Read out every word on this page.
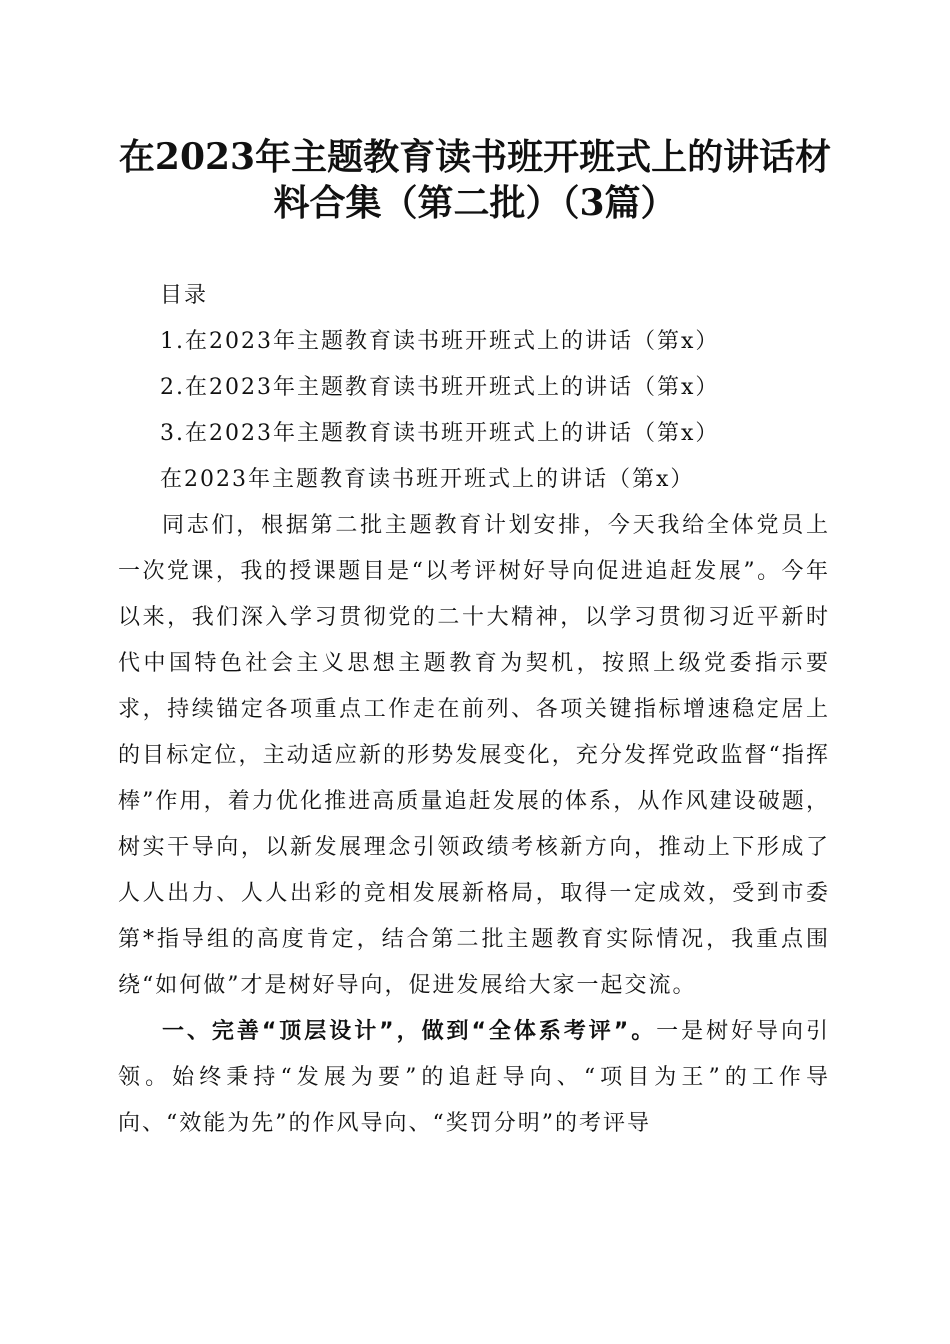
在2023年主题教育读书班开班式上的讲话材
料合集（第二批）（3篇）
目录
1.在2023年主题教育读书班开班式上的讲话（第x）
2.在2023年主题教育读书班开班式上的讲话（第x）
3.在2023年主题教育读书班开班式上的讲话（第x）
在2023年主题教育读书班开班式上的讲话（第x）

同志们，根据第二批主题教育计划安排，今天我给全体党员上一次党课，我的授课题目是“以考评树好导向促进追赶发展”。今年以来，我们深入学习贯彻党的二十大精神，以学习贯彻习近平新时代中国特色社会主义思想主题教育为契机，按照上级党委指示要求，持续锚定各项重点工作走在前列、各项关键指标增速稳定居上的目标定位，主动适应新的形势发展变化，充分发挥党政监督“指挥棒”作用，着力优化推进高质量追赶发展的体系，从作风建设破题，树实干导向，以新发展理念引领政绩考核新方向，推动上下形成了人人出力、人人出彩的竞相发展新格局，取得一定成效，受到市委第*指导组的高度肯定，结合第二批主题教育实际情况，我重点围绕“如何做”才是树好导向，促进发展给大家一起交流。

一、完善“顶层设计”，做到“全体系考评”。一是树好导向引领。始终秉持“发展为要”的追赶导向、“项目为王”的工作导向、“效能为先”的作风导向、“奖罚分明”的考评导
